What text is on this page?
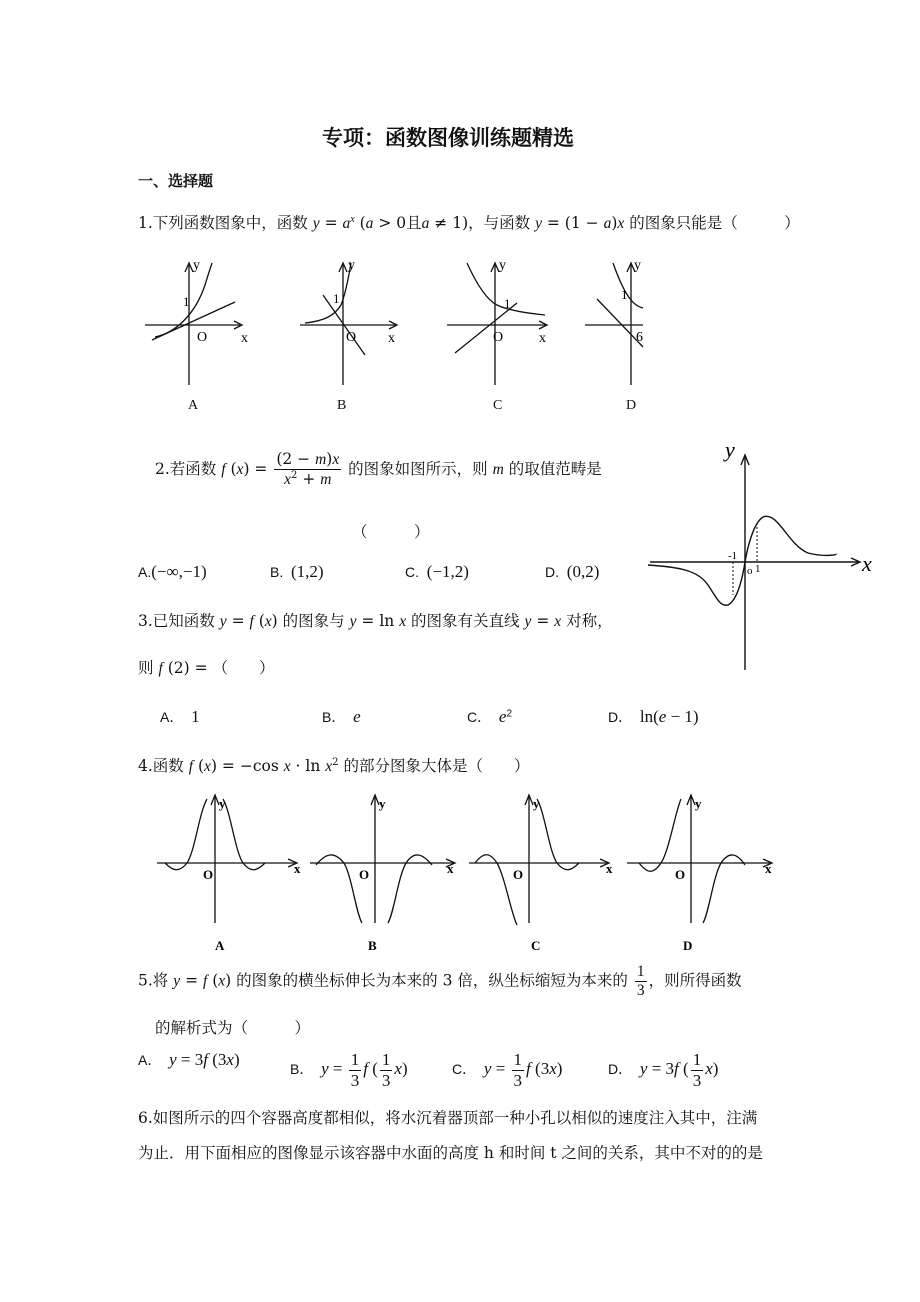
专项：函数图像训练题精选
一、选择题
1.下列函数图象中，函数 $y = a^x$ (a > 0且a ≠ 1)，与函数 y = (1 − a)x 的图象只能是（　　　	）
y
1
O x
A
y
1
O x
B
y
1
O	x
C
y
1
6
D
2.若函数 f $(x) = \frac{(2 - m)x}{x^2 + m}$ 的图象如图所示，则 m 的取值范畴是
（　　　）
A.(−∞,−1)	B. (1,2)	C. (−1,2)	D. (0,2)
y
x
-1
o 1
3.已知函数 y = f (x) 的图象与 y = ln x 的图象有关直线 y = x 对称，
则 f (2) = （　　）
A． 1	B． e	C． $e^2$	D． ln(e − 1)
4.函数 f (x) = −cos $x \cdot \ln x^2$ 的部分图象大体是（　　）
y
O	x
A
y
O	x
B
y
O	x
C
y
O	x
D
5.将 y = f (x) 的图象的横坐标伸长为本来的 3 倍，纵坐标缩短为本来的 $\frac{1}{3}$ ，则所得函数
的解析式为（　　　）
A． y = 3f (3x)	B． $y = \frac{1}{3}$ f ( $\frac{1}{3} x$)	C． $y = \frac{1}{3}$ f (3x)	D． y = 3f ( $\frac{1}{3} x$)
6.如图所示的四个容器高度都相似，将水沉着器顶部一种小孔以相似的速度注入其中，注满
为止．用下面相应的图像显示该容器中水面的高度 h 和时间 t 之间的关系，其中不对的的是
